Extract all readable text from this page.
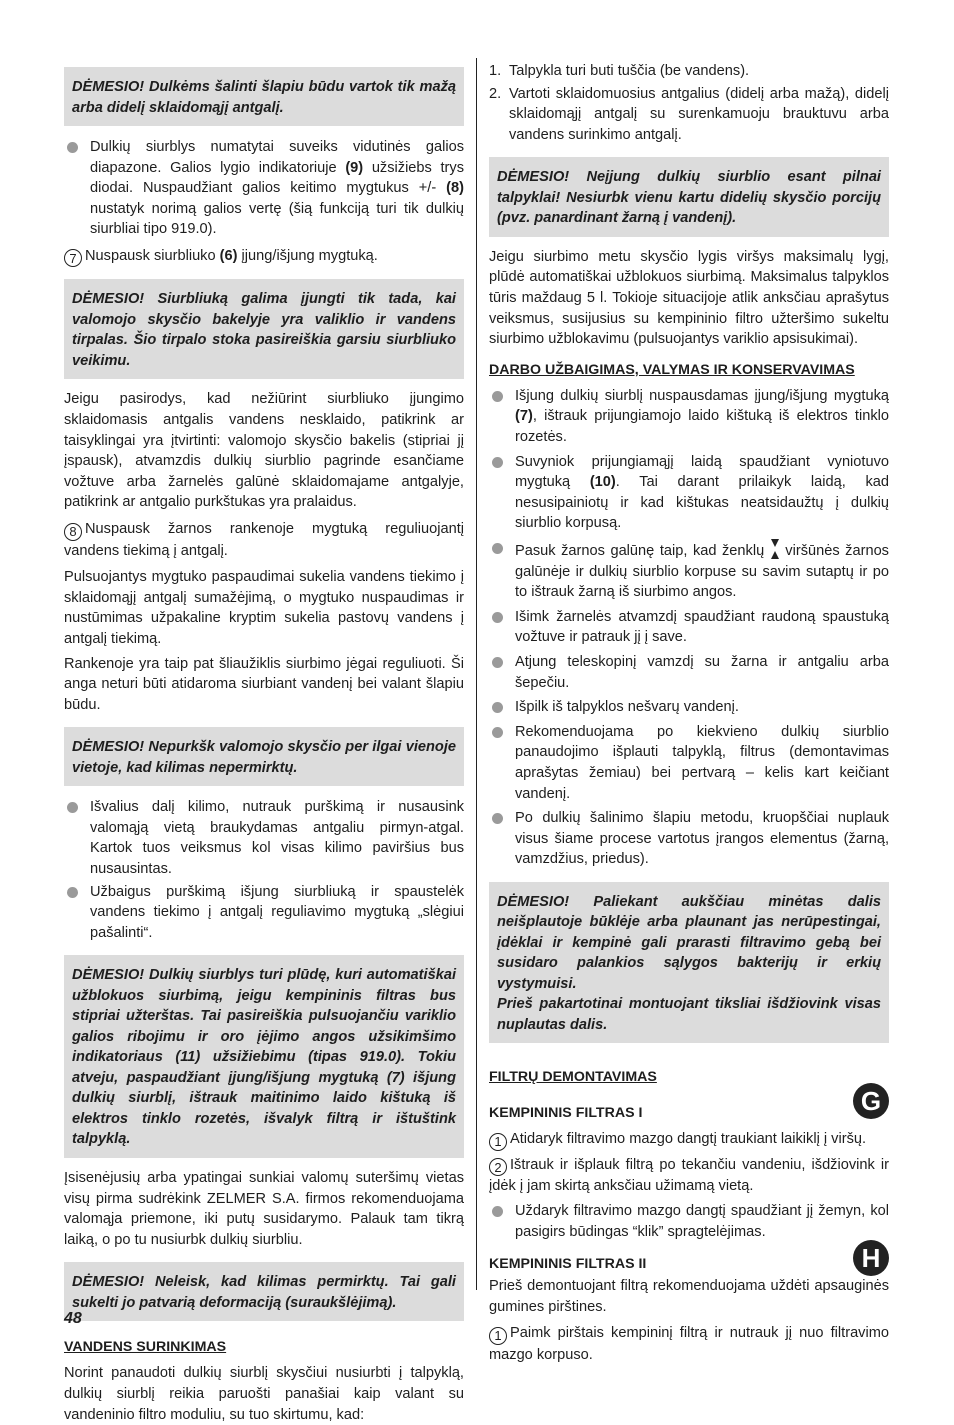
DĖMESIO! Dulkėms šalinti šlapiu būdu vartok tik mažą arba didelį sklaidomąjį antgalį.
Dulkių siurblys numatytai suveiks vidutinės galios diapazone. Galios lygio indikatoriuje (9) užsižiebs trys diodai. Nuspaudžiant galios keitimo mygtukus +/- (8) nustatyk norimą galios vertę (šią funkciją turi tik dulkių siurbliai tipo 919.0).

7 Nuspausk siurbliuko (6) įjung/išjung mygtuką.

DĖMESIO! Siurbliuką galima įjungti tik tada, kai valomojo skysčio bakelyje yra valiklio ir vandens tirpalas. Šio tirpalo stoka pasireiškia garsiu siurbliuko veikimu.

Jeigu pasirodys, kad nežiūrint siurbliuko įjungimo sklaidomasis antgalis vandens nesklaido, patikrink ar taisyklingai yra įtvirtinti: valomojo skysčio bakelis (stipriai jį įspausk), atvamzdis dulkių siurblio pagrinde esančiame vožtuve arba žarnelės galūnė sklaidomajame antgalyje, patikrink ar antgalio purkštukas yra pralaidus.

8 Nuspausk žarnos rankenoje mygtuką reguliuojantį vandens tiekimą į antgalį.

Pulsuojantys mygtuko paspaudimai sukelia vandens tiekimo į sklaidomąjį antgalį sumažėjimą, o mygtuko nuspaudimas ir nustūmimas užpakaline kryptim sukelia pastovų vandens į antgalį tiekimą.

Rankenoje yra taip pat šliaužiklis siurbimo jėgai reguliuoti. Ši anga neturi būti atidaroma siurbiant vandenį bei valant šlapiu būdu.

DĖMESIO! Nepurkšk valomojo skysčio per ilgai vienoje vietoje, kad kilimas nepermirktų.
Išvalius dalį kilimo, nutrauk purškimą ir nusausink valomąją vietą braukydamas antgaliu pirmyn-atgal. Kartok tuos veiksmus kol visas kilimo paviršius bus nusausintas.
Užbaigus purškimą išjung siurbliuką ir spaustelėk vandens tiekimo į antgalį reguliavimo mygtuką „slėgiui pašalinti“.
DĖMESIO! Dulkių siurblys turi plūdę, kuri automatiškai užblokuos siurbimą, jeigu kempininis filtras bus stipriai užterštas. Tai pasireiškia pulsuojančiu variklio galios ribojimu ir oro įėjimo angos užsikimšimo indikatoriaus (11) užsižiebimu (tipas 919.0). Tokiu atveju, paspaudžiant įjung/išjung mygtuką (7) išjung dulkių siurblį, ištrauk maitinimo laido kištuką iš elektros tinklo rozetės, išvalyk filtrą ir ištuštink talpyklą.

Įsisenėjusių arba ypatingai sunkiai valomų suteršimų vietas visų pirma sudrėkink ZELMER S.A. firmos rekomenduojama valomąja priemone, iki putų susidarymo. Palauk tam tikrą laiką, o po tu nusiurbk dulkių siurbliu.

DĖMESIO! Neleisk, kad kilimas permirktų. Tai gali sukelti jo patvarią deformaciją (suraukšlėjimą).
VANDENS SURINKIMAS

Norint panaudoti dulkių siurblį skysčiui nusiurbti į talpyklą, dulkių siurblį reikia paruošti panašiai kaip valant su vandeninio filtro moduliu, su tuo skirtumu, kad:

1. Talpykla turi buti tuščia (be vandens).
2. Vartoti sklaidomuosius antgalius (didelį arba mažą), didelį sklaidomąjį antgalį su surenkamuoju brauktuvu arba vandens surinkimo antgalį.
DĖMESIO! Neįjung dulkių siurblio esant pilnai talpyklai! Nesiurbk vienu kartu didelių skysčio porcijų (pvz. panardinant žarną į vandenį).

Jeigu siurbimo metu skysčio lygis viršys maksimalų lygį, plūdė automatiškai užblokuos siurbimą. Maksimalus talpyklos tūris maždaug 5 l. Tokioje situacijoje atlik anksčiau aprašytus veiksmus, susijusius su kempininio filtro užteršimo sukeltu siurbimo užblokavimu (pulsuojantys variklio apsisukimai).

DARBO UŽBAIGIMAS, VALYMAS IR KONSERVAVIMAS
Išjung dulkių siurblį nuspausdamas įjung/išjung mygtuką (7), ištrauk prijungiamojo laido kištuką iš elektros tinklo rozetės.
Suvyniok prijungiamąjį laidą spaudžiant vyniotuvo mygtuką (10). Tai darant prilaikyk laidą, kad nesusipainiotų ir kad kištukas neatsidaužtų į dulkių siurblio korpusą.
Pasuk žarnos galūnę taip, kad ženklų  viršūnės žarnos galūnėje ir dulkių siurblio korpuse su savim sutaptų ir po to ištrauk žarną iš siurbimo angos.
Išimk žarnelės atvamzdį spaudžiant raudoną spaustuką vožtuve ir patrauk jį į save.
Atjung teleskopinį vamzdį su žarna ir antgaliu arba šepečiu.
Išpilk iš talpyklos nešvarų vandenį.
Rekomenduojama po kiekvieno dulkių siurblio panaudojimo išplauti talpyklą, filtrus (demontavimas aprašytas žemiau) bei pertvarą – kelis kart keičiant vandenį.
Po dulkių šalinimo šlapiu metodu, kruopščiai nuplauk visus šiame procese vartotus įrangos elementus (žarną, vamzdžius, priedus).
DĖMESIO! Paliekant aukščiau minėtas dalis neišplautoje būklėje arba plaunant jas nerūpestingai, įdėklai ir kempinė gali prarasti filtravimo gebą bei susidaro palankios sąlygos bakterijų ir erkių vystymuisi.
Prieš pakartotinai montuojant tiksliai išdžiovink visas nuplautas dalis.
FILTRŲ DEMONTAVIMAS
G
KEMPININIS FILTRAS I

1 Atidaryk filtravimo mazgo dangtį traukiant laikiklį į viršų.

2 Ištrauk ir išplauk filtrą po tekančiu vandeniu, išdžiovink ir įdėk į jam skirtą anksčiau užimamą vietą.

Uždaryk filtravimo mazgo dangtį spaudžiant jį žemyn, kol pasigirs būdingas “klik” spragtelėjimas.
H
KEMPININIS FILTRAS II

Prieš demontuojant filtrą rekomenduojama uždėti apsauginės gumines pirštines.

1 Paimk pirštais kempininį filtrą ir nutrauk jį nuo filtravimo mazgo korpuso.

48
